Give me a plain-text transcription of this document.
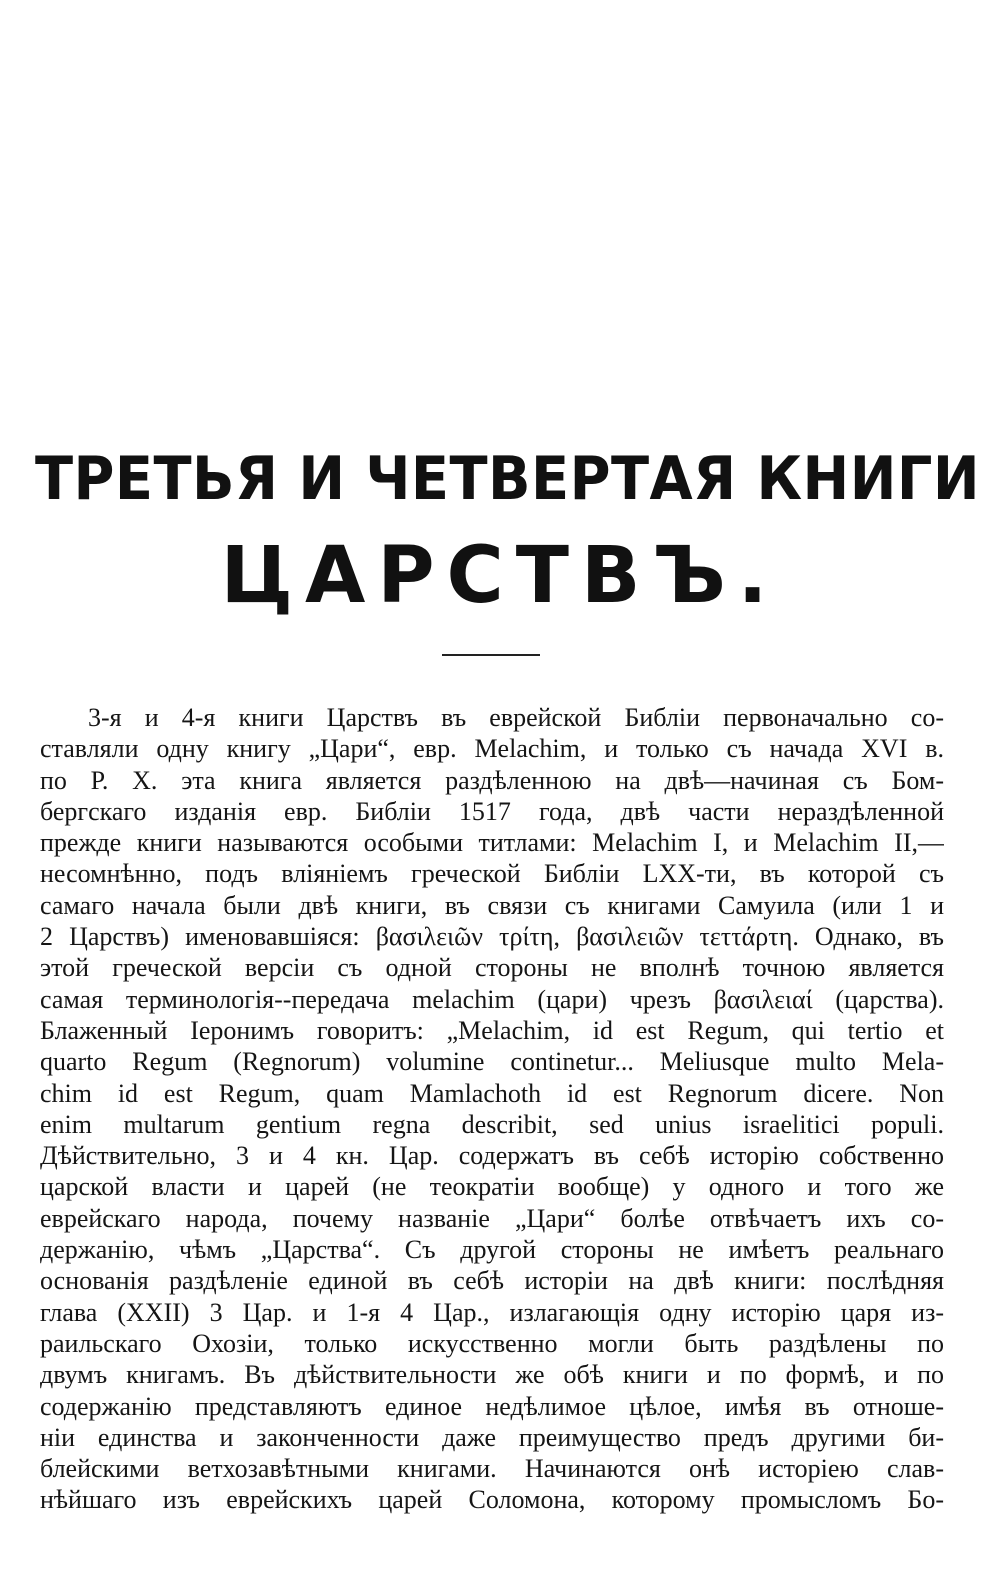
ТРЕТЬЯ И ЧЕТВЕРТАЯ КНИГИ
ЦАРСТВЪ.
3-я и 4-я книги Царствъ въ еврейской Библіи первоначально со-
ставляли одну книгу „Цари“, евр. Melachim, и только съ начада XVI в.
по Р. Х. эта книга является раздѣленною на двѣ—начиная съ Бом-
бергскаго изданія евр. Библіи 1517 года, двѣ части нераздѣленной
прежде книги называются особыми титлами: Melachim I, и Melachim II,—
несомнѣнно, подъ вліяніемъ греческой Библіи LXX-ти, въ которой съ
самаго начала были двѣ книги, въ связи съ книгами Самуила (или 1 и
2 Царствъ) именовавшіяся: βασιλειῶν τρίτη, βασιλειῶν τεττάρτη. Однако, въ
этой греческой версіи съ одной стороны не вполнѣ точною является
самая терминологія--передача melachim (цари) чрезъ βασιλειαί (царства).
Блаженный Іеронимъ говоритъ: „Melachim, id est Regum, qui tertio et
quarto Regum (Regnorum) volumine continetur... Meliusque multo Mela-
chim id est Regum, quam Mamlachoth id est Regnorum dicere. Non
enim multarum gentium regna describit, sed unius israelitici populi.
Дѣйствительно, 3 и 4 кн. Цар. содержатъ въ себѣ исторію собственно
царской власти и царей (не теократіи вообще) у одного и того же
еврейскаго народа, почему названіе „Цари“ болѣе отвѣчаетъ ихъ со-
держанію, чѣмъ „Царства“. Съ другой стороны не имѣетъ реальнаго
основанія раздѣленіе единой въ себѣ исторіи на двѣ книги: послѣдняя
глава (XXII) 3 Цар. и 1-я 4 Цар., излагающія одну исторію царя из-
раильскаго Охозіи, только искусственно могли быть раздѣлены по
двумъ книгамъ. Въ дѣйствительности же обѣ книги и по формѣ, и по
содержанію представляютъ единое недѣлимое цѣлое, имѣя въ отноше-
ніи единства и законченности даже преимущество предъ другими би-
блейскими ветхозавѣтными книгами. Начинаются онѣ исторіею слав-
нѣйшаго изъ еврейскихъ царей Соломона, которому промысломъ Бо-
